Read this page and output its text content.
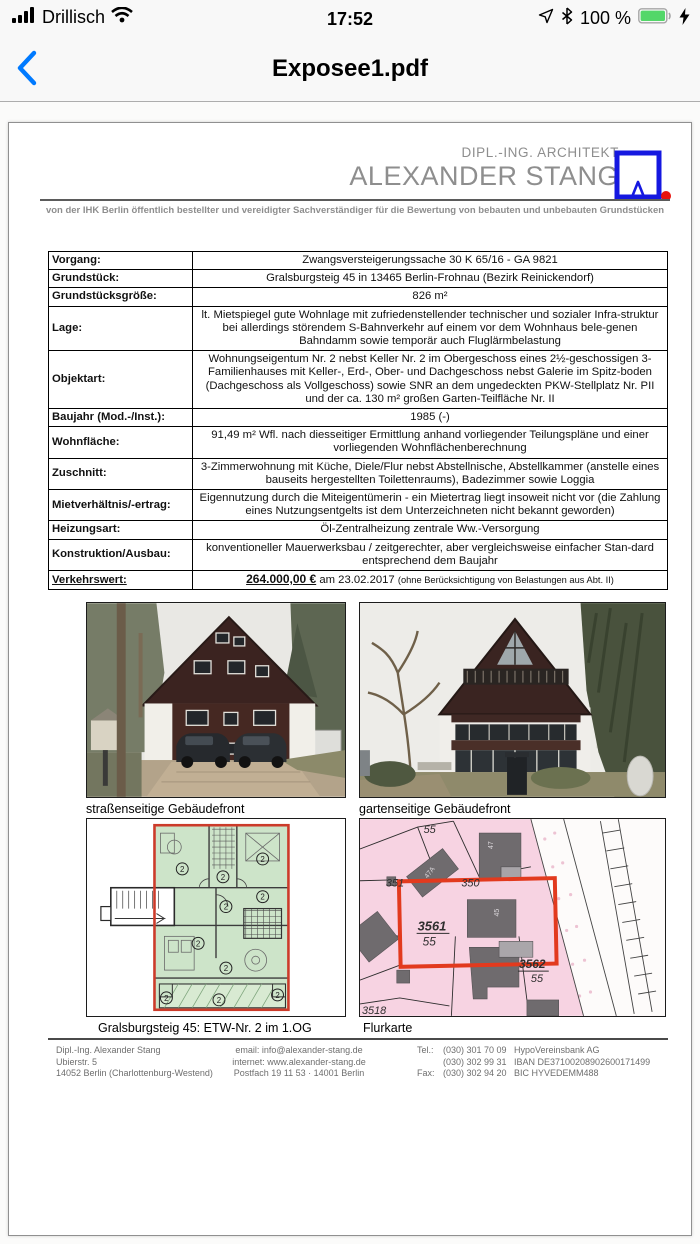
Drillisch	17:52	100 %
Exposee1.pdf
DIPL.-ING. ARCHITEKT
ALEXANDER STANG
von der IHK Berlin öffentlich bestellter und vereidigter Sachverständiger für die Bewertung von bebauten und unbebauten Grundstücken
Vorgang:	Zwangsversteigerungssache 30 K 65/16 - GA 9821
Grundstück:	Gralsburgsteig 45 in 13465 Berlin-Frohnau (Bezirk Reinickendorf)
Grundstücksgröße:	826 m²
Lage:	lt. Mietspiegel gute Wohnlage mit zufriedenstellender technischer und sozialer Infra-struktur bei allerdings störendem S-Bahnverkehr auf einem vor dem Wohnhaus bele-genen Bahndamm sowie temporär auch Fluglärmbelastung
Objektart:	Wohnungseigentum Nr. 2 nebst Keller Nr. 2 im Obergeschoss eines 2½-geschossigen 3-Familienhauses mit Keller-, Erd-, Ober- und Dachgeschoss nebst Galerie im Spitz-boden (Dachgeschoss als Vollgeschoss) sowie SNR an dem ungedeckten PKW-Stellplatz Nr. PII und der ca. 130 m² großen Garten-Teilfläche Nr. II
Baujahr (Mod.-/Inst.):	1985 (-)
Wohnfläche:	91,49 m² Wfl. nach diesseitiger Ermittlung anhand vorliegender Teilungspläne und einer vorliegenden Wohnflächenberechnung
Zuschnitt:	3-Zimmerwohnung mit Küche, Diele/Flur nebst Abstellnische, Abstellkammer (anstelle eines bauseits hergestellten Toilettenraums), Badezimmer sowie Loggia
Mietverhältnis/-ertrag:	Eigennutzung durch die Miteigentümerin - ein Mietertrag liegt insoweit nicht vor (die Zahlung eines Nutzungsentgelts ist dem Unterzeichneten nicht bekannt geworden)
Heizungsart:	Öl-Zentralheizung zentrale Ww.-Versorgung
Konstruktion/Ausbau:	konventioneller Mauerwerksbau / zeitgerechter, aber vergleichsweise einfacher Stan-dard entsprechend dem Baujahr
Verkehrswert:	264.000,00 € am 23.02.2017 (ohne Berücksichtigung von Belastungen aus Abt. II)
straßenseitige Gebäudefront	gartenseitige Gebäudefront
2
2
2
2
2
2
2
2	2
2
55
351	350
3561
55
3562
55
3518
47
47A
45
Gralsburgsteig 45: ETW-Nr. 2 im 1.OG	Flurkarte
Dipl.-Ing. Alexander Stang
Ubierstr. 5
14052 Berlin (Charlottenburg-Westend)
email: info@alexander-stang.de
internet: www.alexander-stang.de
Postfach 19 11 53 · 14001 Berlin
Tel.: (030) 301 70 09
(030) 302 99 31
Fax: (030) 302 94 20
HypoVereinsbank AG
IBAN DE37100208902600171499
BIC HYVEDEMM488
